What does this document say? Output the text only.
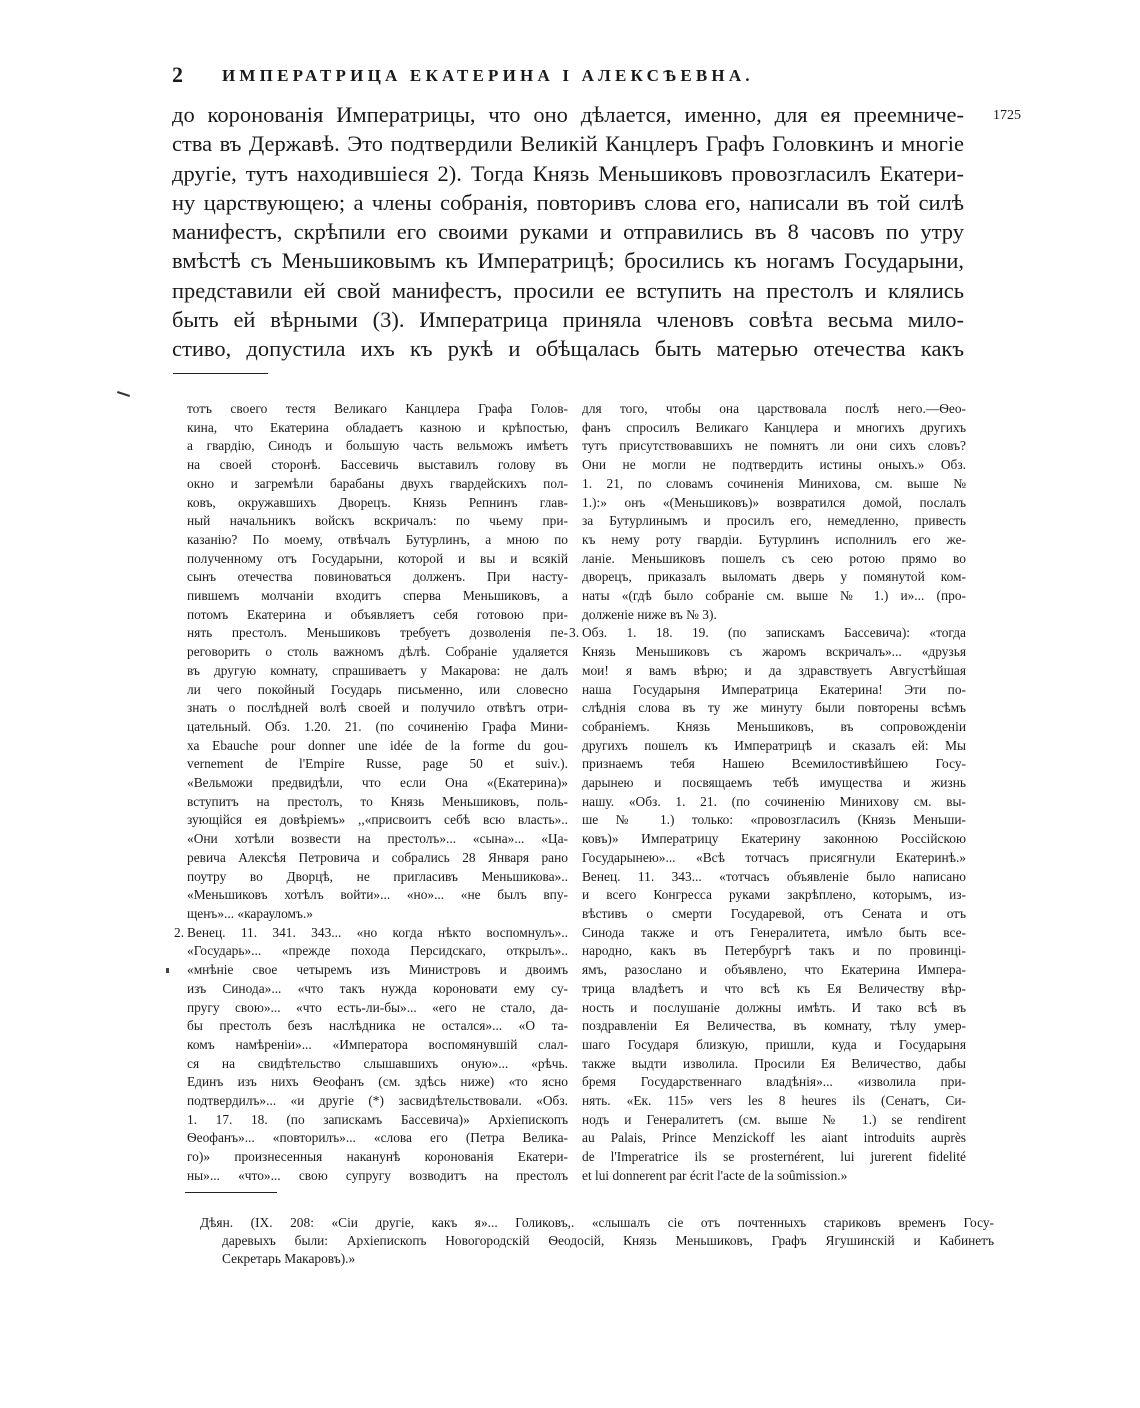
2 ИМПЕРАТРИЦА ЕКАТЕРИНА I АЛЕКСѢЕВНА.
1725
до коронованія Императрицы, что оно дѣлается, именно, для ея преемниче-
ства въ Державѣ. Это подтвердили Великій Канцлеръ Графъ Головкинъ и многіе
другіе, тутъ находившіеся 2). Тогда Князь Меньшиковъ провозгласилъ Екатери-
ну царствующею; а члены собранія, повторивъ слова его, написали въ той силѣ
манифестъ, скрѣпили его своими руками и отправились въ 8 часовъ по утру
вмѣстѣ съ Меньшиковымъ къ Императрицѣ; бросились къ ногамъ Государыни,
представили ей свой манифестъ, просили ее вступить на престолъ и клялись
быть ей вѣрными (3). Императрица приняла членовъ совѣта весьма мило-
стиво, допустила ихъ къ рукѣ и обѣщалась быть матерью отечества какъ
тотъ своего тестя Великаго Канцлера Графа Голов-
кина, что Екатерина обладаетъ казною и крѣпостью,
а гвардію, Синодъ и большую часть вельможъ имѣетъ
на своей сторонѣ. Бассевичь выставилъ голову въ
окно и загремѣли барабаны двухъ гвардейскихъ пол-
ковъ, окружавшихъ Дворецъ. Князь Репнинъ глав-
ный начальникъ войскъ вскричалъ: по чьему при-
казанію? По моему, отвѣчалъ Бутурлинъ, а мною по
полученному отъ Государыни, которой и вы и всякій
сынъ отечества повиноваться долженъ. При насту-
пившемъ молчаніи входитъ сперва Меньшиковъ, а
потомъ Екатерина и объявляетъ себя готовою при-
нять престолъ. Меньшиковъ требуетъ дозволенія пе-
реговорить о столь важномъ дѣлѣ. Собраніе удаляется
въ другую комнату, спрашиваетъ у Макарова: не далъ
ли чего покойный Государь письменно, или словесно
знать о послѣдней волѣ своей и получило отвѣтъ отри-
цательный. Обз. 1.20. 21. (по сочиненію Графа Мини-
ха Ebauche pour donner une idée de la forme du gou-
vernement de l'Empire Russe, page 50 et suiv.).
«Вельможи предвидѣли, что если Она «(Екатерина)»
вступитъ на престолъ, то Князь Меньшиковъ, поль-
зующійся ея довѣріемъ» ,,«присвоитъ себѣ всю власть»..
«Они хотѣли возвести на престолъ»... «сына»... «Ца-
ревича Алексѣя Петровича и собрались 28 Января рано
поутру во Дворцѣ, не пригласивъ Меньшикова»..
«Меньшиковъ хотѣлъ войти»... «но»... «не былъ впу-
щенъ»... «карауломъ.»
2. Венец. 11. 341. 343... «но когда нѣкто воспомнулъ»..
«Государь»... «прежде похода Персидскаго, открылъ»..
«мнѣніе свое четыремъ изъ Министровъ и двоимъ
изъ Синода»... «что такъ нужда короновати ему су-
пругу свою»... «что есть-ли-бы»... «его не стало, да-
бы престолъ безъ наслѣдника не остался»... «О та-
комъ намѣреніи»... «Императора воспомянувшій слал-
ся на свидѣтельство слышавшихъ оную»... «рѣчь.
Единъ изъ нихъ Ѳеофанъ (см. здѣсь ниже) «то ясно
подтвердилъ»... «и другіе (*) засвидѣтельствовали. «Обз.
1. 17. 18. (по запискамъ Бассевича)» Архіепископъ
Ѳеофанъ»... «повторилъ»... «слова его (Петра Велика-
го)» произнесенныя наканунѣ коронованія Екатери-
ны»... «что»... свою супругу возводитъ на престолъ
для того, чтобы она царствовала послѣ него.—Ѳео-
фанъ спросилъ Великаго Канцлера и многихъ другихъ
тутъ присутствовавшихъ не помнятъ ли они сихъ словъ?
Они не могли не подтвердить истины оныхъ.» Обз.
1. 21, по словамъ сочиненія Миниxова, см. выше №
1.):» онъ «(Меньшиковъ)» возвратился домой, послалъ
за Бутурлинымъ и просилъ его, немедленно, привесть
къ нему роту гвардіи. Бутурлинъ исполнилъ его же-
ланіе. Меньшиковъ пошелъ съ сею ротою прямо во
дворецъ, приказалъ выломать дверь у помянутой ком-
наты «(гдѣ было собраніе см. выше № 1.) и»... (про-
долженіе ниже въ № 3).
3. Обз. 1. 18. 19. (по запискамъ Бассевича): «тогда
Князь Меньшиковъ съ жаромъ вскричалъ»... «друзья
мои! я вамъ вѣрю; и да здравствуетъ Августѣйшая
наша Государыня Императрица Екатерина! Эти по-
слѣднія слова въ ту же минуту были повторены всѣмъ
собраніемъ. Князь Меньшиковъ, въ сопровожденіи
другихъ пошелъ къ Императрицѣ и сказалъ ей: Мы
признаемъ тебя Нашею Всемилостивѣйшею Госу-
дарынею и посвящаемъ тебѣ имущества и жизнь
нашу. «Обз. 1. 21. (по сочиненію Миниxову см. вы-
ше № 1.) только: «провозгласилъ (Князь Меньши-
ковъ)» Императрицу Екатерину законною Россійскою
Государынею»... «Всѣ тотчасъ присягнули Екатеринѣ.»
Венец. 11. 343... «тотчасъ объявленіе было написано
и всего Конгресса руками закрѣплено, которымъ, из-
вѣстивъ о смерти Государевой, отъ Сената и отъ
Синода также и отъ Генералитета, имѣло быть все-
народно, какъ въ Петербургѣ такъ и по провинці-
ямъ, разослано и объявлено, что Екатерина Импера-
трица владѣетъ и что всѣ къ Ея Величеству вѣр-
ность и послушаніе должны имѣть. И тако всѣ въ
поздравленіи Ея Величества, въ комнату, тѣлу умер-
шаго Государя близкую, пришли, куда и Государыня
также выдти изволила. Просили Ея Величество, дабы
бремя Государственнаго владѣнія»... «изволила при-
нять. «Ек. 115» vers les 8 heures ils (Сенатъ, Си-
нодъ и Генералитетъ (см. выше № 1.) se rendirent
au Palais, Prince Menzickoff les aiant introduits auprès
de l'Imperatrice ils se prosternérent, lui jurerent fidelité
et lui donnerent par écrit l'acte de la soûmission.»
Дѣян. (IX. 208: «Сіи другіе, какъ я»... Голиковъ,. «слышалъ сіе отъ почтенныхъ стариковъ временъ Госу-
даревыхъ были: Архіепископъ Новогородскій Ѳеодосій, Князь Меньшиковъ, Графъ Ягушинскій и Кабинетъ
Секретарь Макаровъ).»
